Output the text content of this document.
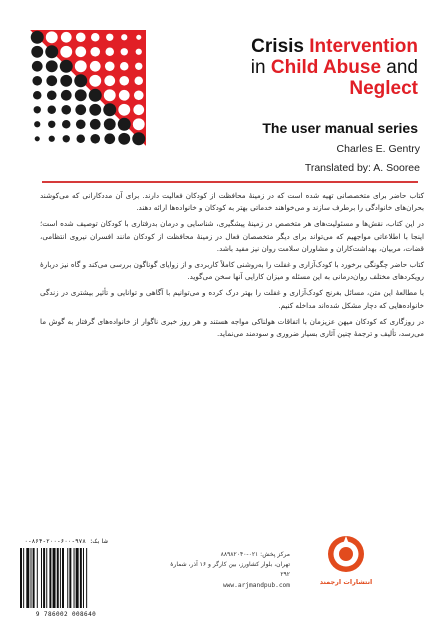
Crisis Intervention
in Child Abuse and
Neglect
The user manual series
Charles E. Gentry
Translated by: A. Sooree

کتاب حاضر برای متخصصانی تهیه شده است که در زمینهٔ محافظت از کودکان فعالیت دارند. برای آن مددکارانی که می‌کوشند بحران‌های خانوادگی را برطرف سازند و می‌خواهند خدماتی بهتر به کودکان و خانواده‌ها ارائه دهند.

در این کتاب، نقش‌ها و مسئولیت‌های هر متخصص در زمینهٔ پیشگیری، شناسایی و درمان بدرفتاری با کودکان توصیف شده است؛ اینجا با اطلاعاتی مواجهیم که می‌تواند برای دیگر متخصصان فعال در زمینهٔ محافظت از کودکان مانند افسران نیروی انتظامی، قضات، مربیان، بهداشت‌کاران و مشاوران سلامت روان نیز مفید باشد.

کتاب حاضر چگونگی برخورد با کودک‌آزاری و غفلت را به‌روشنی کاملاً کاربردی و از زوایای گوناگون بررسی می‌کند و گاه نیز دربارهٔ رویکردهای مختلف روان‌درمانی به این مسئله و میزان کارایی آنها سخن می‌گوید.

با مطالعهٔ این متن، مسائل بغرنج کودک‌آزاری و غفلت را بهتر درک کرده و می‌توانیم با آگاهی و توانایی و تأثیر بیشتری در زندگی خانواده‌هایی که دچار مشکل شده‌اند مداخله کنیم.

در روزگاری که کودکان میهن عزیزمان با اتفاقات هولناکی مواجه هستند و هر روز خبری ناگوار از خانواده‌های گرفتار به گوش ما می‌رسد، تألیف و ترجمهٔ چنین آثاری بسیار ضروری و سودمند می‌نماید.

شابک: ۹۷۸-۶۰۰-۲۰۰-۸۶۴-۰
9 786002 008640
مرکز پخش: ۰۲۱-۸۸۹۸۲۰۴۰
تهران، بلوار کشاورز، بین کارگر و ۱۶ آذر، شمارهٔ ۲۹۲
www.arjmandpub.com	انتشارات ارجمند
